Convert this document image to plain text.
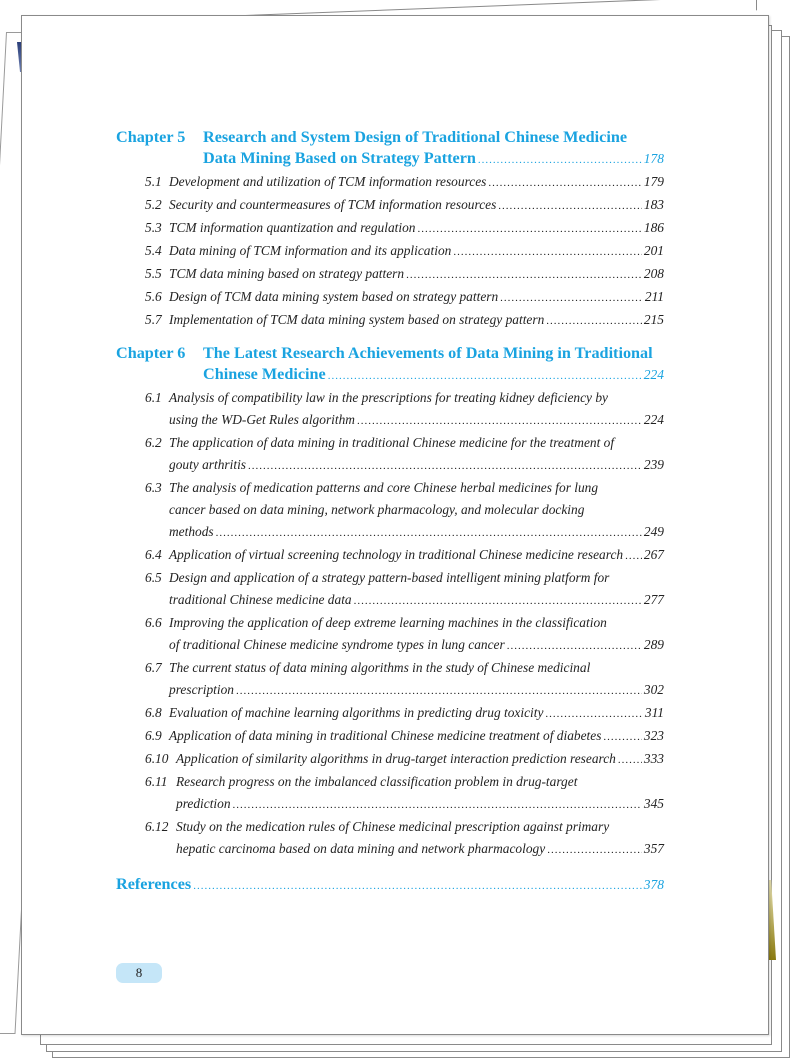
Chapter 5 Research and System Design of Traditional Chinese Medicine
Data Mining Based on Strategy Pattern .....	178
5.1 Development and utilization of TCM information resources .....	179
5.2 Security and countermeasures of TCM information resources .....	183
5.3 TCM information quantization and regulation .....	186
5.4 Data mining of TCM information and its application .....	201
5.5 TCM data mining based on strategy pattern .....	208
5.6 Design of TCM data mining system based on strategy pattern .....	211
5.7 Implementation of TCM data mining system based on strategy pattern .....	215
Chapter 6 The Latest Research Achievements of Data Mining in Traditional
Chinese Medicine .....	224
6.1 Analysis of compatibility law in the prescriptions for treating kidney deficiency by
using the WD-Get Rules algorithm .....	224
6.2 The application of data mining in traditional Chinese medicine for the treatment of
gouty arthritis .....	239
6.3 The analysis of medication patterns and core Chinese herbal medicines for lung
cancer based on data mining, network pharmacology, and molecular docking
methods .....	249
6.4 Application of virtual screening technology in traditional Chinese medicine research ..... 267
6.5 Design and application of a strategy pattern-based intelligent mining platform for
traditional Chinese medicine data .....	277
6.6 Improving the application of deep extreme learning machines in the classification
of traditional Chinese medicine syndrome types in lung cancer .....	289
6.7 The current status of data mining algorithms in the study of Chinese medicinal
prescription .....	302
6.8 Evaluation of machine learning algorithms in predicting drug toxicity .....	311
6.9 Application of data mining in traditional Chinese medicine treatment of diabetes .....	323
6.10 Application of similarity algorithms in drug-target interaction prediction research ..... 333
6.11 Research progress on the imbalanced classification problem in drug-target
prediction .....	345
6.12 Study on the medication rules of Chinese medicinal prescription against primary
hepatic carcinoma based on data mining and network pharmacology .....	357
References .....	378
8
